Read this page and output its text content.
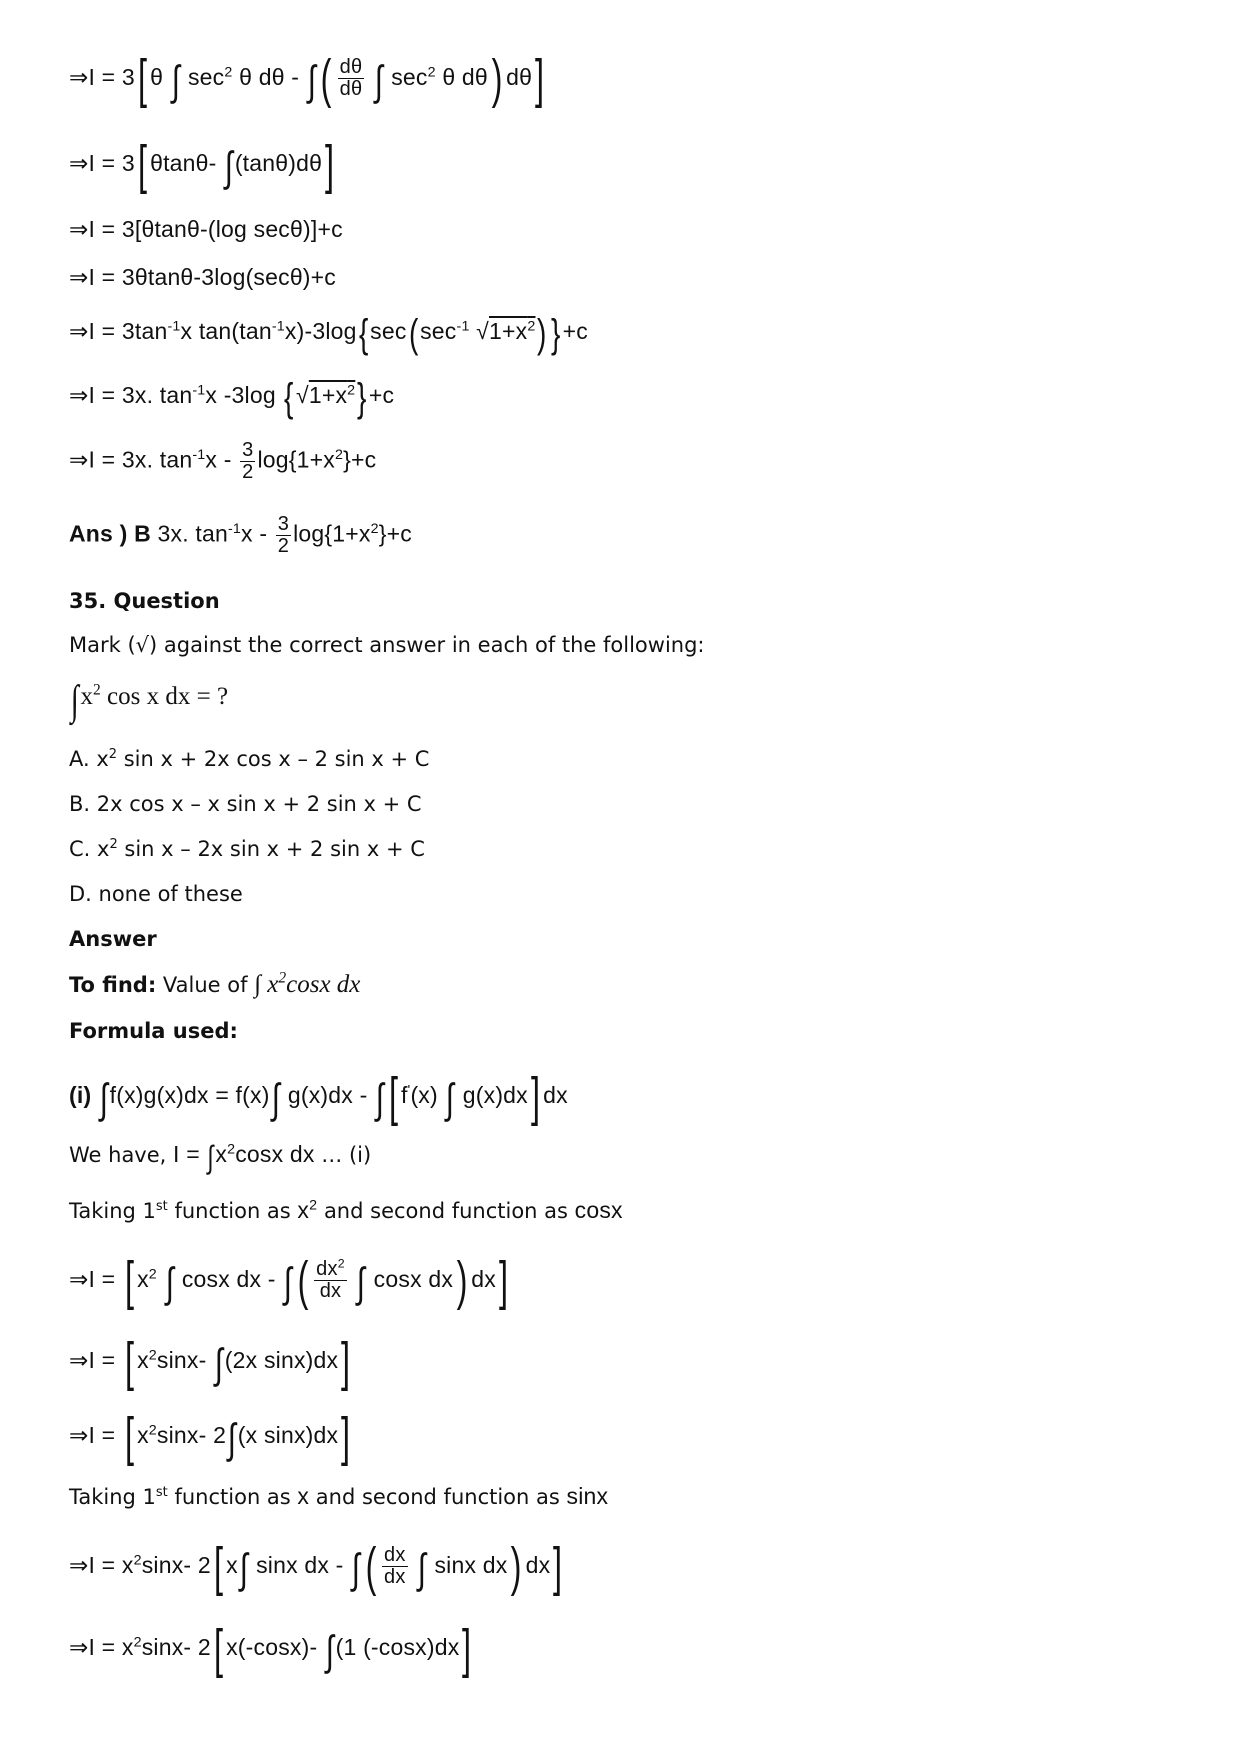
⇒I = 3[ θ ∫ $\sec^2 \theta$ dθ - ∫( $\frac{d\theta}{d\theta}$ ∫ $\sec^2 \theta$ dθ) dθ]
⇒I = 3[ θtanθ- ∫(tanθ)dθ]
⇒I = 3[θtanθ-(log secθ)]+c
⇒I = 3θtanθ-3log(secθ)+c
⇒I = $3\tan^{-1}x$ $\tan(\tan^{-1}x)-3\log\{\sec(\sec^{-1}$ $√1+x^2$) }+c
⇒I = 3x. $\tan^{-1}x$ -3log $\{√1+x^2\}+c$
⇒I = 3x. $\tan^{-1}x - \frac{3}{2} \log\{1+x^2\}+c$
Ans ) B 3x. $\tan^{-1}x - \frac{3}{2} \log\{1+x^2\}+c$
35. Question
Mark (√) against the correct answer in each of the following:
$\int x^2$ cos x dx = ?
A. $x^2$ sin x + 2x cos x – 2 sin x + C
B. 2x cos x – x sin x + 2 sin x + C
C. $x^2$ sin x – 2x sin x + 2 sin x + C
D. none of these
Answer
To find: Value of ∫ $x^2\cos x$ dx
Formula used:
(i) ∫f(x)g(x)dx = f(x)∫ g(x)dx - ∫[ f'(x) ∫ g(x)dx] dx
We have, $I = \int x^2\cos x$ dx … (i)
Taking 1st function as $x^2$ and second function as cosx
⇒I = [ $x^2$ ∫ cosx dx - ∫( $\frac{dx^2}{dx}$ ∫ cosx dx) dx]
⇒I = [ $x^2\sin x-$ ∫(2x sinx)dx]
⇒I = [ $x^2\sin x-$ 2∫(x sinx)dx]
Taking 1st function as x and second function as sinx
⇒I = $x^2\sin x-$ 2[ x∫ sinx dx - ∫( $\frac{dx}{dx}$ ∫ sinx dx) dx]
⇒I = $x^2\sin x-$ 2[ x(-cosx)- ∫(1 (-cosx)dx]
